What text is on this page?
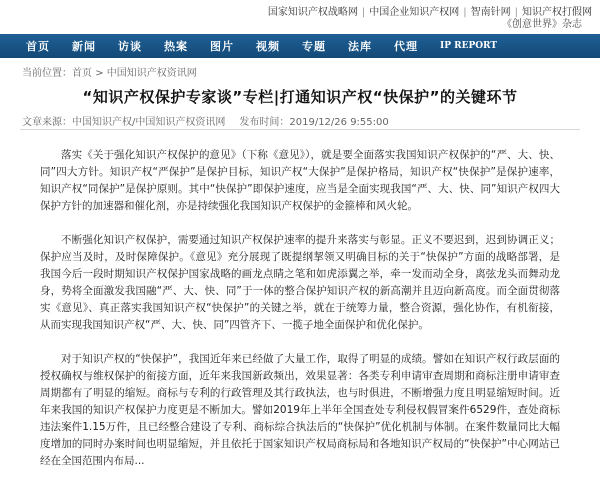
国家知识产权战略网 | 中国企业知识产权网 | 智南针网 | 知识产权打假网
《创意世界》杂志
首页 新闻 访谈 热案 图片 视频 专题 法库 代理 IP REPORT
当前位置：首页 > 中国知识产权资讯网
“知识产权保护专家谈”专栏|打通知识产权“快保护”的关键环节
文章来源：中国知识产权/中国知识产权资讯网 发布时间：2019/12/26 9:55:00

落实《关于强化知识产权保护的意见》（下称《意见》），就是要全面落实我国知识产权保护的“严、大、快、同”四大方针。知识产权“严保护”是保护目标，知识产权“大保护”是保护格局，知识产权“快保护”是保护速率，知识产权“同保护”是保护原则。其中“快保护”即保护速度，应当是全面实现我国“严、大、快、同”知识产权四大保护方针的加速器和催化剂，亦是持续强化我国知识产权保护的金箍棒和风火轮。

不断强化知识产权保护，需要通过知识产权保护速率的提升来落实与彰显。正义不要迟到，迟到协调正义；保护应当及时，及时保障保护。《意见》充分展现了既提纲挈领又明确目标的关于“快保护”方面的战略部署，是我国今后一段时期知识产权保护国家战略的画龙点睛之笔和如虎添翼之举，牵一发而动全身，离弦龙头而舞动龙身，势将全面激发我国融“严、大、快、同”于一体的整合保护知识产权的新高潮并且迈向新高度。而全面贯彻落实《意见》、真正落实我国知识产权“快保护”的关键之举，就在于统筹力量，整合资源，强化协作，有机衔接，从而实现我国知识产权“严、大、快、同”四管齐下、一揽子地全面保护和优化保护。

对于知识产权的“快保护”，我国近年来已经做了大量工作，取得了明显的成绩。譬如在知识产权行政层面的授权确权与维权保护的衔接方面，近年来我国新政频出，效果显著：各类专利申请审查周期和商标注册申请审查周期都有了明显的缩短。商标与专利的行政管理及其行政执法，也与时俱进，不断增强力度且明显缩短时间。近年来我国的知识产权保护力度更是不断加大。譬如2019年上半年全国查处专利侵权假冒案件6529件，查处商标违法案件1.15万件，且已经整合建设了专利、商标综合执法后的“快保护”优化机制与体制。在案件数量同比大幅度增加的同时办案时间也明显缩短，并且依托于国家知识产权局商标局和各地知识产权局的“快保护”中心网站已经在全国范围内布局...
